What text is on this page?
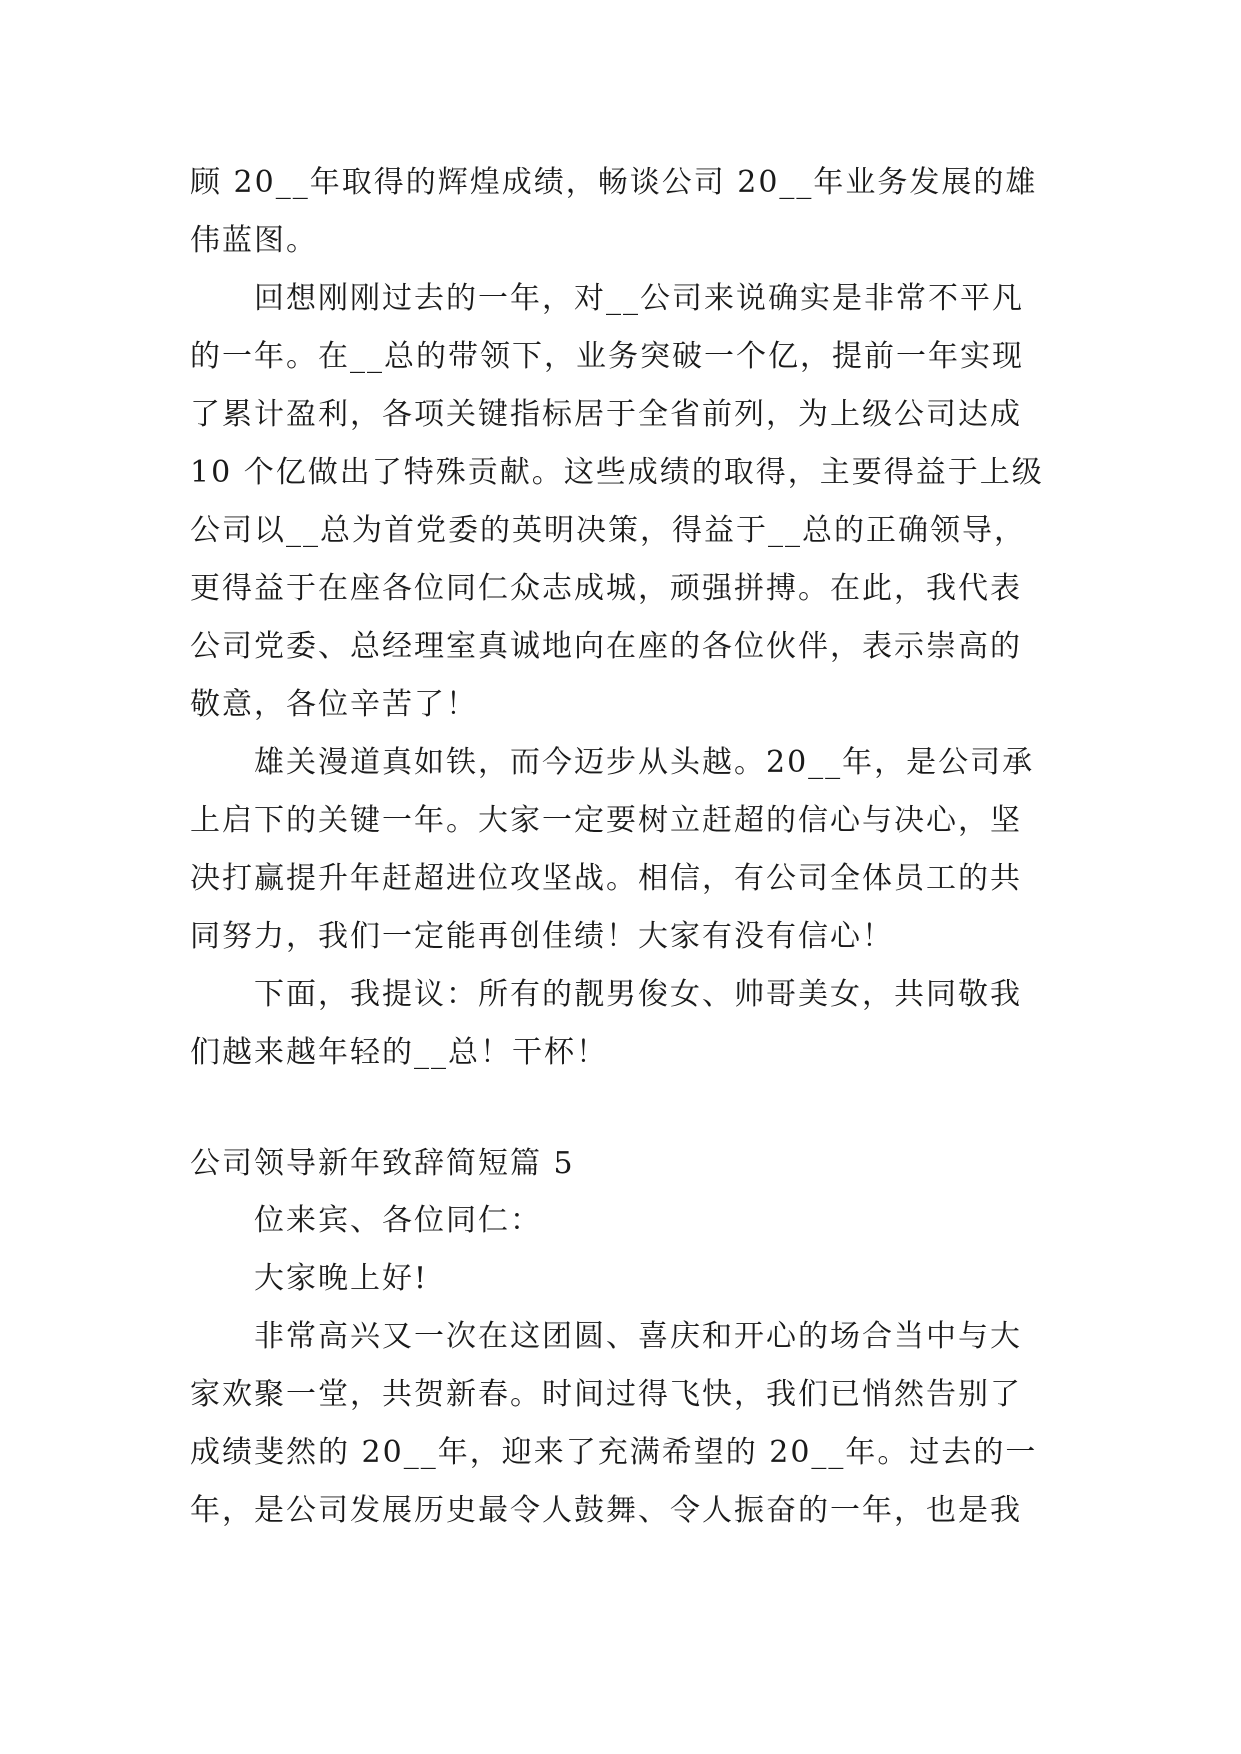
顾 20__年取得的辉煌成绩，畅谈公司 20__年业务发展的雄
伟蓝图。
回想刚刚过去的一年，对__公司来说确实是非常不平凡
的一年。在__总的带领下，业务突破一个亿，提前一年实现
了累计盈利，各项关键指标居于全省前列，为上级公司达成
10 个亿做出了特殊贡献。这些成绩的取得，主要得益于上级
公司以__总为首党委的英明决策，得益于__总的正确领导，
更得益于在座各位同仁众志成城，顽强拼搏。在此，我代表
公司党委、总经理室真诚地向在座的各位伙伴，表示崇高的
敬意，各位辛苦了！
雄关漫道真如铁，而今迈步从头越。20__年，是公司承
上启下的关键一年。大家一定要树立赶超的信心与决心，坚
决打赢提升年赶超进位攻坚战。相信，有公司全体员工的共
同努力，我们一定能再创佳绩！大家有没有信心！
下面，我提议：所有的靓男俊女、帅哥美女，共同敬我
们越来越年轻的__总！干杯！
公司领导新年致辞简短篇 5
位来宾、各位同仁：
大家晚上好!
非常高兴又一次在这团圆、喜庆和开心的场合当中与大
家欢聚一堂，共贺新春。时间过得飞快，我们已悄然告别了
成绩斐然的 20__年，迎来了充满希望的 20__年。过去的一
年，是公司发展历史最令人鼓舞、令人振奋的一年，也是我
